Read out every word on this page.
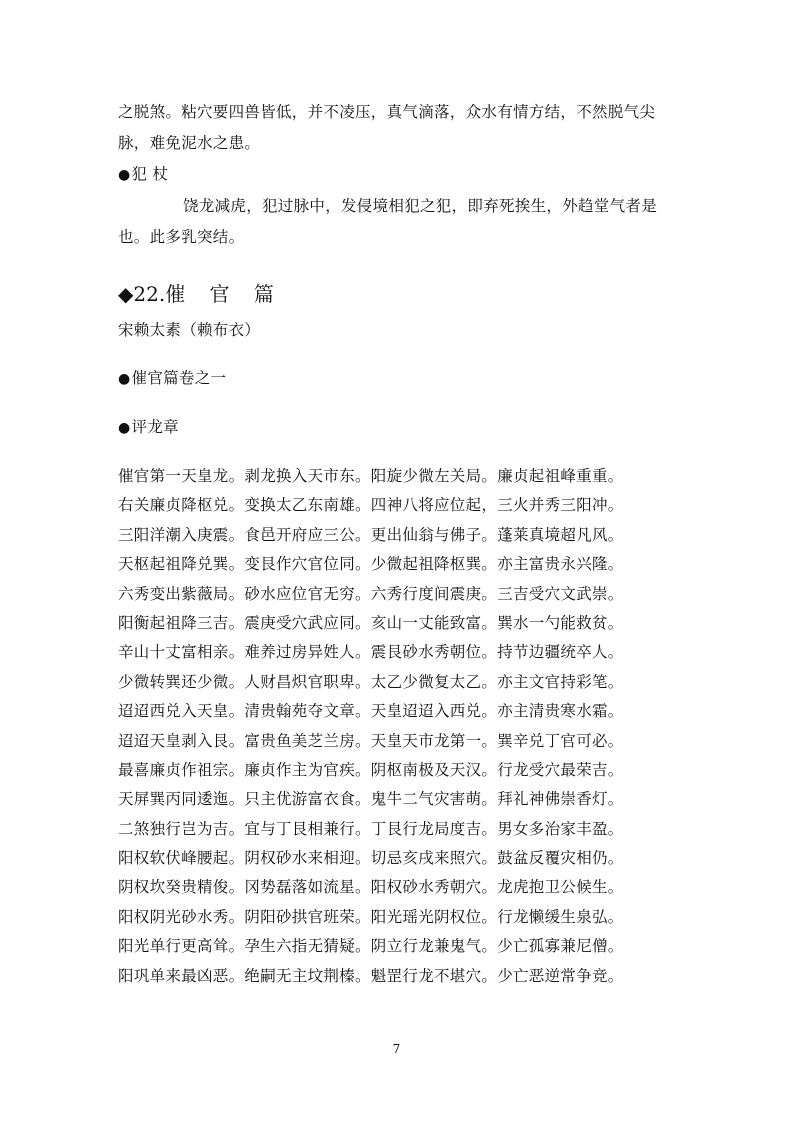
之脱煞。粘穴要四兽皆低，并不凌压，真气滴落，众水有情方结，不然脱气尖
脉，难免泥水之患。
●犯 杖
饶龙减虎，犯过脉中，发侵境相犯之犯，即弃死挨生，外趋堂气者是
也。此多乳突结。
◆22.催 官 篇
宋赖太素（赖布衣）
●催官篇卷之一
●评龙章
催官第一天皇龙。剥龙换入天市东。阳旋少微左关局。廉贞起祖峰重重。
右关廉贞降枢兑。变换太乙东南雄。四神八将应位起，三火并秀三阳冲。
三阳洋潮入庚震。食邑开府应三公。更出仙翁与佛子。蓬莱真境超凡风。
天枢起祖降兑巽。变艮作穴官位同。少微起祖降枢巽。亦主富贵永兴隆。
六秀变出紫薇局。砂水应位官无穷。六秀行度间震庚。三吉受穴文武崇。
阳衡起祖降三吉。震庚受穴武应同。亥山一丈能致富。巽水一勺能救贫。
辛山十丈富相亲。难养过房异姓人。震艮砂水秀朝位。持节边疆统卒人。
少微转巽还少微。人财昌炽官职卑。太乙少微复太乙。亦主文官持彩笔。
迢迢西兑入天皇。清贵翰苑夺文章。天皇迢迢入西兑。亦主清贵寒水霜。
迢迢天皇剥入艮。富贵鱼美芝兰房。天皇天市龙第一。巽辛兑丁官可必。
最喜廉贞作祖宗。廉贞作主为官疾。阴枢南极及天汉。行龙受穴最荣吉。
天屏巽丙同逶迤。只主优游富衣食。鬼牛二气灾害萌。拜礼神佛崇香灯。
二煞独行岂为吉。宜与丁艮相兼行。丁艮行龙局度吉。男女多治家丰盈。
阳权软伏峰腰起。阴权砂水来相迎。切忌亥戌来照穴。鼓盆反覆灾相仍。
阴权坎癸贵精俊。冈势磊落如流星。阳权砂水秀朝穴。龙虎抱卫公候生。
阳权阴光砂水秀。阴阳砂拱官班荣。阳光瑶光阴权位。行龙懒缓生泉弘。
阳光单行更高耸。孕生六指无猜疑。阴立行龙兼鬼气。少亡孤寡兼尼僧。
阳巩单来最凶恶。绝嗣无主坟荆榛。魁罡行龙不堪穴。少亡恶逆常争竞。
7
